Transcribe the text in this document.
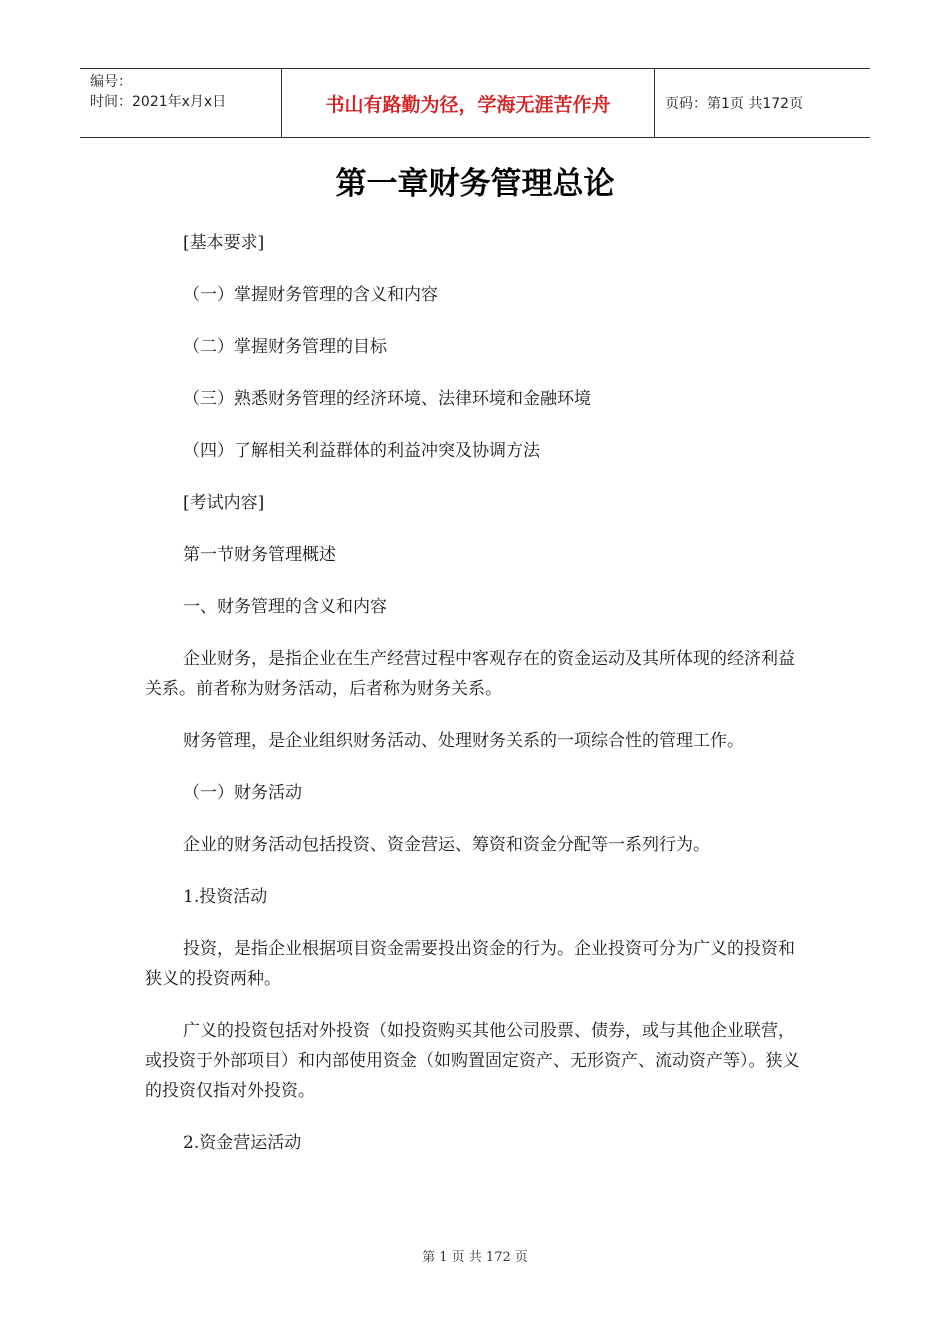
编号：
时间：2021年x月x日	书山有路勤为径，学海无涯苦作舟	页码：第1页 共172页
第一章财务管理总论

[基本要求]

（一）掌握财务管理的含义和内容

（二）掌握财务管理的目标

（三）熟悉财务管理的经济环境、法律环境和金融环境

（四）了解相关利益群体的利益冲突及协调方法

[考试内容]

第一节财务管理概述

一、财务管理的含义和内容

企业财务，是指企业在生产经营过程中客观存在的资金运动及其所体现的经济利益关系。前者称为财务活动，后者称为财务关系。

财务管理，是企业组织财务活动、处理财务关系的一项综合性的管理工作。

（一）财务活动

企业的财务活动包括投资、资金营运、筹资和资金分配等一系列行为。

1.投资活动

投资，是指企业根据项目资金需要投出资金的行为。企业投资可分为广义的投资和狭义的投资两种。

广义的投资包括对外投资（如投资购买其他公司股票、债券，或与其他企业联营，或投资于外部项目）和内部使用资金（如购置固定资产、无形资产、流动资产等）。狭义的投资仅指对外投资。

2.资金营运活动

第 1 页 共 172 页
